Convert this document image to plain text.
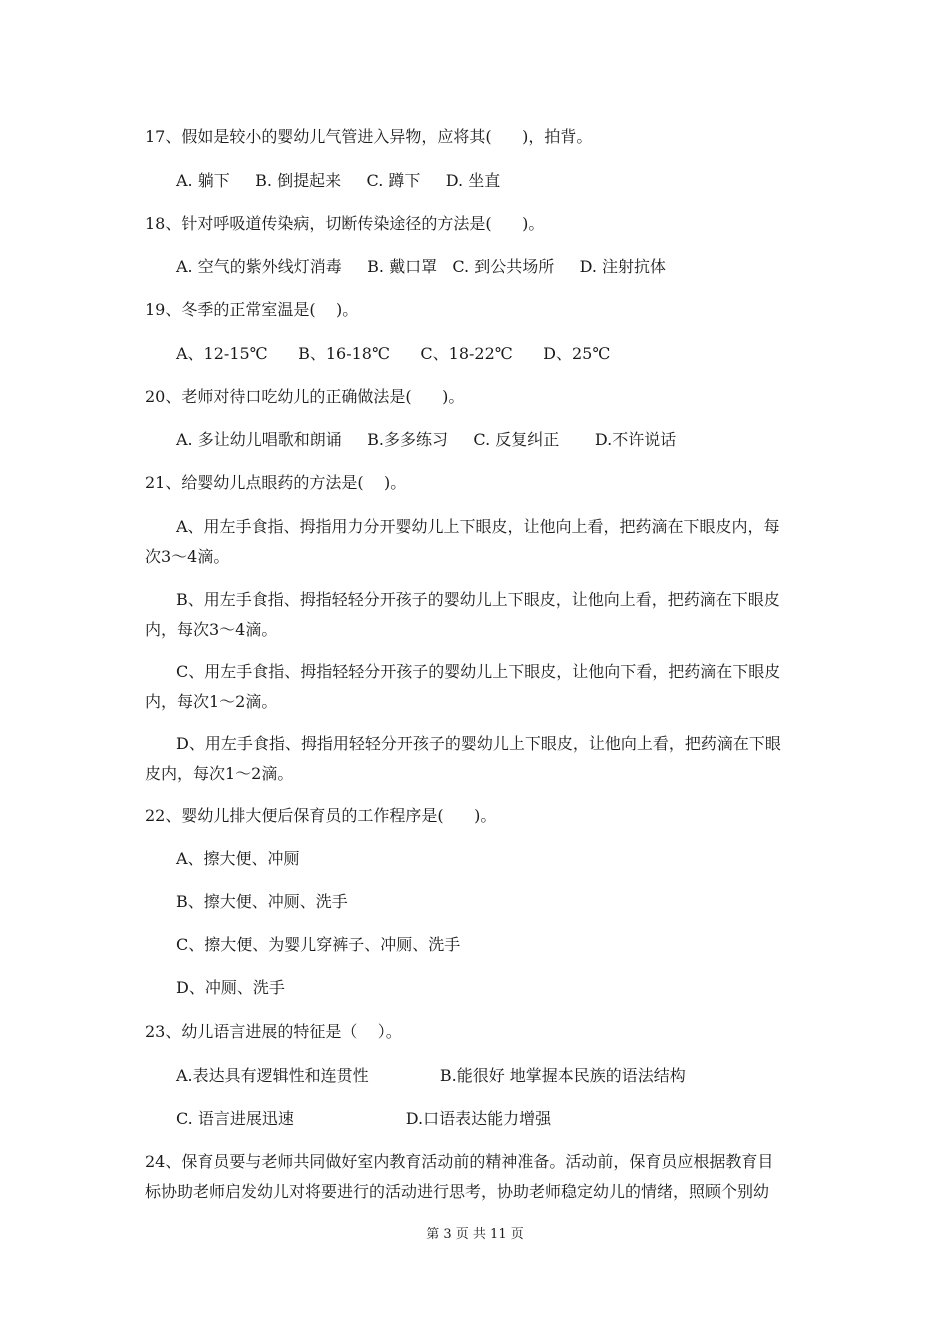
17、假如是较小的婴幼儿气管进入异物，应将其(      )，拍背。
A. 躺下     B. 倒提起来     C. 蹲下     D. 坐直
18、针对呼吸道传染病，切断传染途径的方法是(      )。
A. 空气的紫外线灯消毒     B. 戴口罩   C. 到公共场所     D. 注射抗体
19、冬季的正常室温是(    )。
A、12-15℃      B、16-18℃      C、18-22℃      D、25℃
20、老师对待口吃幼儿的正确做法是(      )。
A. 多让幼儿唱歌和朗诵     B.多多练习     C. 反复纠正       D.不许说话
21、给婴幼儿点眼药的方法是(    )。
A、用左手食指、拇指用力分开婴幼儿上下眼皮，让他向上看，把药滴在下眼皮内，每
次3～4滴。
B、用左手食指、拇指轻轻分开孩子的婴幼儿上下眼皮，让他向上看，把药滴在下眼皮
内，每次3～4滴。
C、用左手食指、拇指轻轻分开孩子的婴幼儿上下眼皮，让他向下看，把药滴在下眼皮
内，每次1～2滴。
D、用左手食指、拇指用轻轻分开孩子的婴幼儿上下眼皮，让他向上看，把药滴在下眼
皮内，每次1～2滴。
22、婴幼儿排大便后保育员的工作程序是(      )。
A、擦大便、冲厕
B、擦大便、冲厕、洗手
C、擦大便、为婴儿穿裤子、冲厕、洗手
D、冲厕、洗手
23、幼儿语言进展的特征是（    ）。
A.表达具有逻辑性和连贯性              B.能很好 地掌握本民族的语法结构
C. 语言进展迅速                      D.口语表达能力增强
24、保育员要与老师共同做好室内教育活动前的精神准备。活动前，保育员应根据教育目
标协助老师启发幼儿对将要进行的活动进行思考，协助老师稳定幼儿的情绪，照顾个别幼
第 3 页 共 11 页
